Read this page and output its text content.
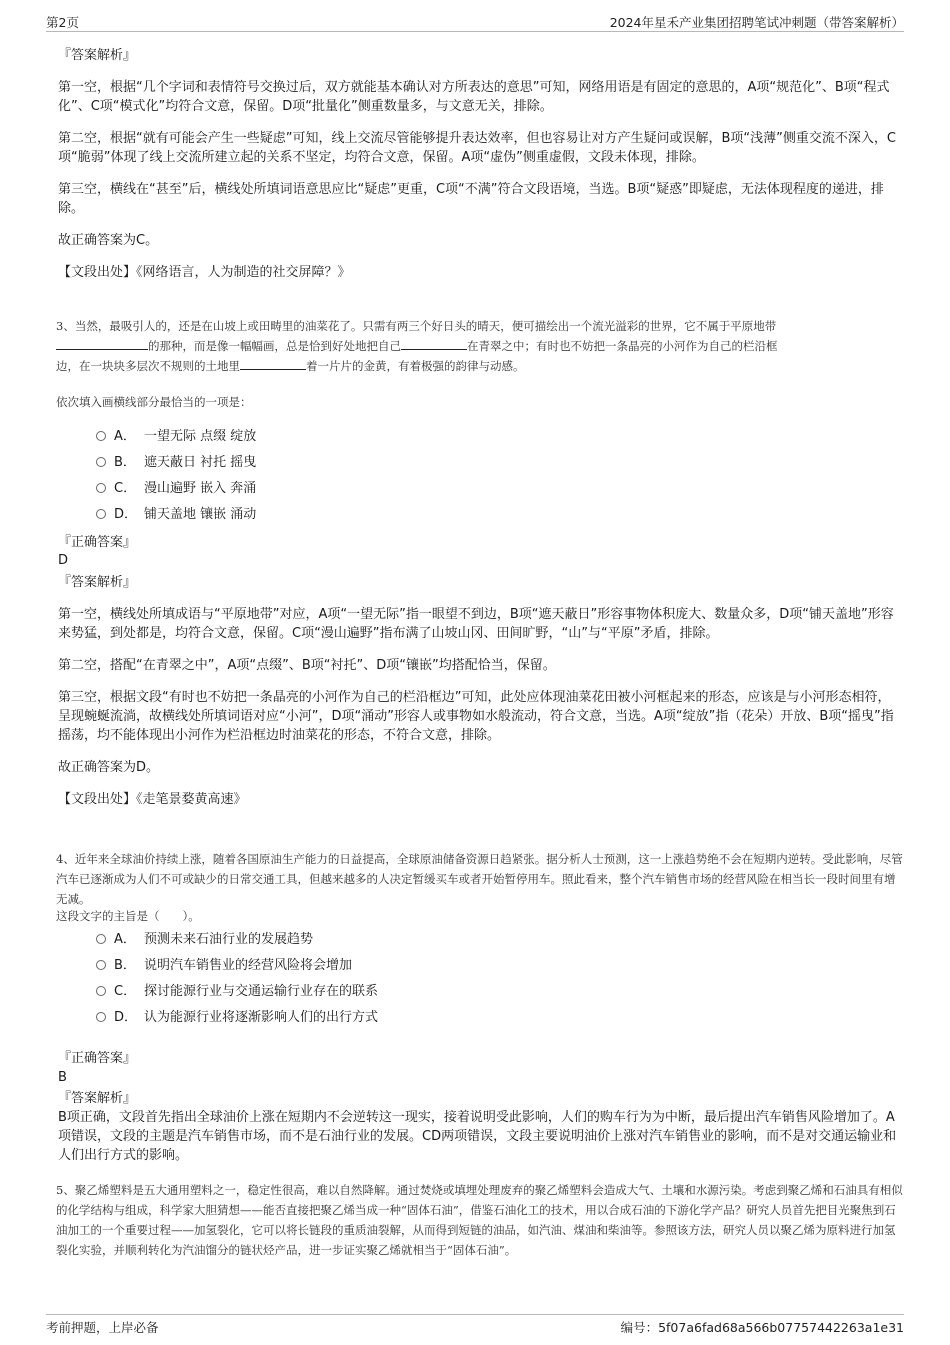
第2页	2024年星禾产业集团招聘笔试冲刺题（带答案解析）

『答案解析』

第一空，根据“几个字词和表情符号交换过后，双方就能基本确认对方所表达的意思”可知，网络用语是有固定的意思的，A项“规范化”、B项“程式化”、C项“模式化”均符合文意，保留。D项“批量化”侧重数量多，与文意无关，排除。

第二空，根据“就有可能会产生一些疑虑”可知，线上交流尽管能够提升表达效率，但也容易让对方产生疑问或误解，B项“浅薄”侧重交流不深入，C项“脆弱”体现了线上交流所建立起的关系不坚定，均符合文意，保留。A项“虚伪”侧重虚假，文段未体现，排除。

第三空，横线在“甚至”后，横线处所填词语意思应比“疑虑”更重，C项“不满”符合文段语境，当选。B项“疑惑”即疑虑，无法体现程度的递进，排除。

故正确答案为C。

【文段出处】《网络语言，人为制造的社交屏障？》

3、当然，最吸引人的，还是在山坡上或田畴里的油菜花了。只需有两三个好日头的晴天，便可描绘出一个流光溢彩的世界，它不属于平原地带
的那种，而是像一幅幅画，总是恰到好处地把自己	在青翠之中；有时也不妨把一条晶亮的小河作为自己的栏沿框
边，在一块块多层次不规则的土地里	着一片片的金黄，有着极强的韵律与动感。
依次填入画横线部分最恰当的一项是：
A． 一望无际 点缀 绽放
B． 遮天蔽日 衬托 摇曳
C． 漫山遍野 嵌入 奔涌
D． 铺天盖地 镶嵌 涌动
『正确答案』
D

『答案解析』

第一空，横线处所填成语与“平原地带”对应，A项“一望无际”指一眼望不到边，B项“遮天蔽日”形容事物体积庞大、数量众多，D项“铺天盖地”形容来势猛，到处都是，均符合文意，保留。C项“漫山遍野”指布满了山坡山冈、田间旷野，“山”与“平原”矛盾，排除。

第二空，搭配“在青翠之中”，A项“点缀”、B项“衬托”、D项“镶嵌”均搭配恰当，保留。

第三空，根据文段“有时也不妨把一条晶亮的小河作为自己的栏沿框边”可知，此处应体现油菜花田被小河框起来的形态，应该是与小河形态相符，呈现蜿蜒流淌，故横线处所填词语对应“小河”，D项“涌动”形容人或事物如水般流动，符合文意，当选。A项“绽放”指（花朵）开放、B项“摇曳”指摇荡，均不能体现出小河作为栏沿框边时油菜花的形态，不符合文意，排除。

故正确答案为D。

【文段出处】《走笔景婺黄高速》

4、近年来全球油价持续上涨，随着各国原油生产能力的日益提高，全球原油储备资源日趋紧张。据分析人士预测，这一上涨趋势绝不会在短期内逆转。受此影响，尽管汽车已逐渐成为人们不可或缺少的日常交通工具，但越来越多的人决定暂缓买车或者开始暂停用车。照此看来，整个汽车销售市场的经营风险在相当长一段时间里有增无减。
这段文字的主旨是（　　）。
A． 预测未来石油行业的发展趋势
B． 说明汽车销售业的经营风险将会增加
C． 探讨能源行业与交通运输行业存在的联系
D． 认为能源行业将逐渐影响人们的出行方式
『正确答案』
B
『答案解析』
B项正确，文段首先指出全球油价上涨在短期内不会逆转这一现实，接着说明受此影响，人们的购车行为为中断，最后提出汽车销售风险增加了。A项错误，文段的主题是汽车销售市场，而不是石油行业的发展。CD两项错误，文段主要说明油价上涨对汽车销售业的影响，而不是对交通运输业和人们出行方式的影响。
5、聚乙烯塑料是五大通用塑料之一，稳定性很高，难以自然降解。通过焚烧或填埋处理废弃的聚乙烯塑料会造成大气、土壤和水源污染。考虑到聚乙烯和石油具有相似的化学结构与组成，科学家大胆猜想——能否直接把聚乙烯当成一种“固体石油”，借鉴石油化工的技术，用以合成石油的下游化学产品？研究人员首先把目光聚焦到石油加工的一个重要过程——加氢裂化，它可以将长链段的重质油裂解，从而得到短链的油品，如汽油、煤油和柴油等。参照该方法，研究人员以聚乙烯为原料进行加氢裂化实验，并顺利转化为汽油馏分的链状烃产品，进一步证实聚乙烯就相当于“固体石油”。
考前押题，上岸必备	编号：5f07a6fad68a566b07757442263a1e31
